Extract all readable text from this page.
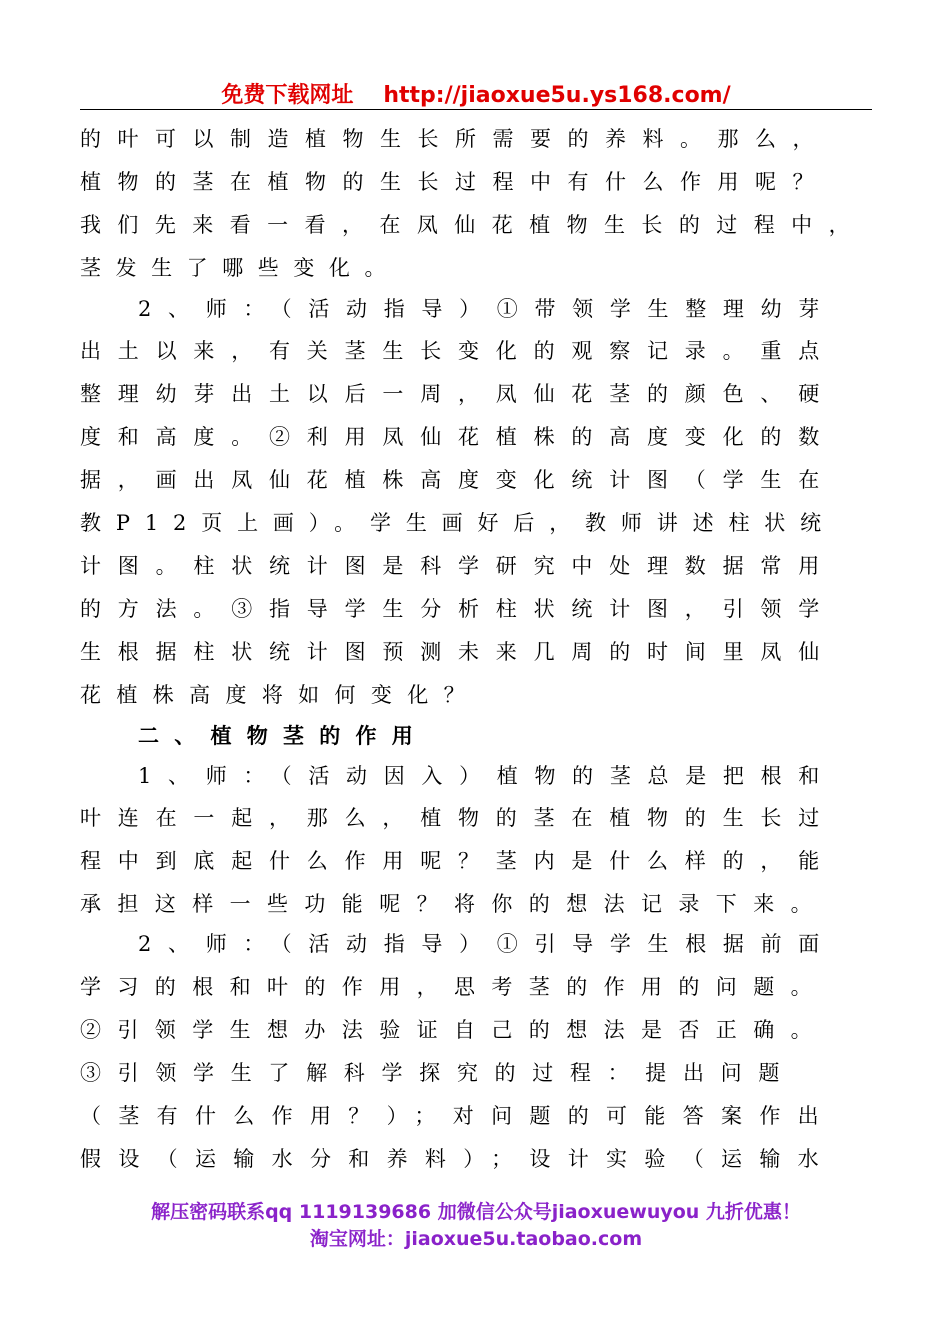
免费下载网址 http://jiaoxue5u.ys168.com/
的叶可以制造植物生长所需要的养料。那么，
植物的茎在植物的生长过程中有什么作用呢？
我们先来看一看，在凤仙花植物生长的过程中，
茎发生了哪些变化。
2、师：（活动指导）①带领学生整理幼芽
出土以来，有关茎生长变化的观察记录。重点
整理幼芽出土以后一周，凤仙花茎的颜色、硬
度和高度。②利用凤仙花植株的高度变化的数
据，画出凤仙花植株高度变化统计图（学生在
教P12页上画）。学生画好后，教师讲述柱状统
计图。柱状统计图是科学研究中处理数据常用
的方法。③指导学生分析柱状统计图，引领学
生根据柱状统计图预测未来几周的时间里凤仙
花植株高度将如何变化？
二、植物茎的作用
1、师：（活动因入）植物的茎总是把根和
叶连在一起，那么，植物的茎在植物的生长过
程中到底起什么作用呢？茎内是什么样的，能
承担这样一些功能呢？将你的想法记录下来。
2、师：（活动指导）①引导学生根据前面
学习的根和叶的作用，思考茎的作用的问题。
②引领学生想办法验证自己的想法是否正确。
③引领学生了解科学探究的过程：提出问题
（茎有什么作用？）；对问题的可能答案作出
假设（运输水分和养料）；设计实验（运输水
解压密码联系qq 1119139686 加微信公众号jiaoxuewuyou 九折优惠！
淘宝网址：jiaoxue5u.taobao.com
